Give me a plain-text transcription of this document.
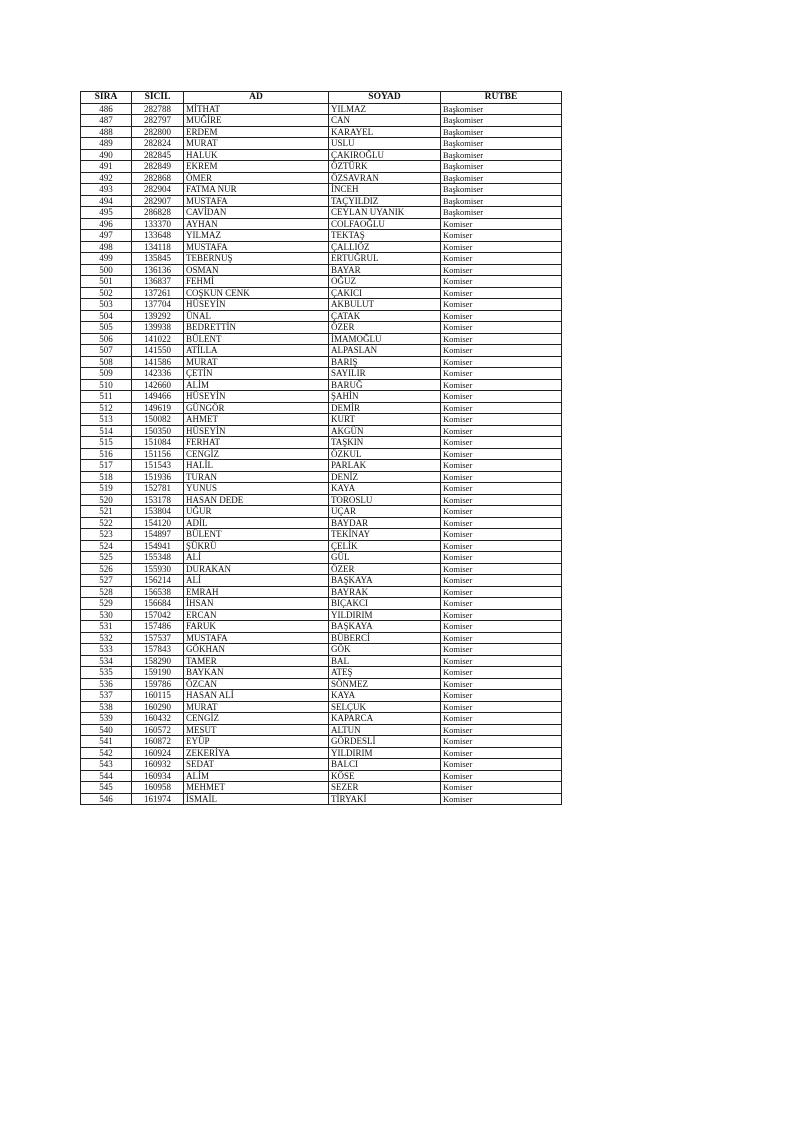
SIRA	SİCİL	AD	SOYAD	RÜTBE
486	282788	MİTHAT	YILMAZ	Başkomiser
487	282797	MUĞİRE	CAN	Başkomiser
488	282800	ERDEM	KARAYEL	Başkomiser
489	282824	MURAT	USLU	Başkomiser
490	282845	HALUK	ÇAKIROĞLU	Başkomiser
491	282849	EKREM	ÖZTÜRK	Başkomiser
492	282868	ÖMER	ÖZSAVRAN	Başkomiser
493	282904	FATMA NUR	İNCEH	Başkomiser
494	282907	MUSTAFA	TAÇYILDIZ	Başkomiser
495	286828	CAVİDAN	CEYLAN UYANIK	Başkomiser
496	133370	AYHAN	COLFAOĞLU	Komiser
497	133648	YILMAZ	TEKTAŞ	Komiser
498	134118	MUSTAFA	ÇALLIÖZ	Komiser
499	135845	TEBERNUŞ	ERTUĞRUL	Komiser
500	136136	OSMAN	BAYAR	Komiser
501	136837	FEHMİ	OĞUZ	Komiser
502	137261	COŞKUN CENK	ÇAKICI	Komiser
503	137704	HÜSEYİN	AKBULUT	Komiser
504	139292	ÜNAL	ÇATAK	Komiser
505	139938	BEDRETTİN	ÖZER	Komiser
506	141022	BÜLENT	İMAMOĞLU	Komiser
507	141550	ATİLLA	ALPASLAN	Komiser
508	141586	MURAT	BARIŞ	Komiser
509	142336	ÇETİN	SAYILIR	Komiser
510	142660	ALİM	BARUĞ	Komiser
511	149466	HÜSEYİN	ŞAHİN	Komiser
512	149619	GÜNGÖR	DEMİR	Komiser
513	150082	AHMET	KURT	Komiser
514	150350	HÜSEYİN	AKGÜN	Komiser
515	151084	FERHAT	TAŞKIN	Komiser
516	151156	CENGİZ	ÖZKUL	Komiser
517	151543	HALİL	PARLAK	Komiser
518	151936	TURAN	DENİZ	Komiser
519	152781	YUNUS	KAYA	Komiser
520	153178	HASAN DEDE	TOROSLU	Komiser
521	153804	UĞUR	UÇAR	Komiser
522	154120	ADİL	BAYDAR	Komiser
523	154897	BÜLENT	TEKİNAY	Komiser
524	154941	ŞÜKRÜ	ÇELİK	Komiser
525	155348	ALİ	GÜL	Komiser
526	155930	DURAKAN	ÖZER	Komiser
527	156214	ALİ	BAŞKAYA	Komiser
528	156538	EMRAH	BAYRAK	Komiser
529	156684	İHSAN	BIÇAKCI	Komiser
530	157042	ERCAN	YILDIRIM	Komiser
531	157486	FARUK	BAŞKAYA	Komiser
532	157537	MUSTAFA	BÜBERCİ	Komiser
533	157843	GÖKHAN	GÖK	Komiser
534	158290	TAMER	BAL	Komiser
535	159190	BAYKAN	ATEŞ	Komiser
536	159786	ÖZCAN	SÖNMEZ	Komiser
537	160115	HASAN ALİ	KAYA	Komiser
538	160290	MURAT	SELÇUK	Komiser
539	160432	CENGİZ	KAPARCA	Komiser
540	160572	MESUT	ALTUN	Komiser
541	160872	EYÜP	GÖRDESLİ	Komiser
542	160924	ZEKERİYA	YILDIRIM	Komiser
543	160932	SEDAT	BALCI	Komiser
544	160934	ALİM	KÖSE	Komiser
545	160958	MEHMET	SEZER	Komiser
546	161974	İSMAİL	TİRYAKİ	Komiser
